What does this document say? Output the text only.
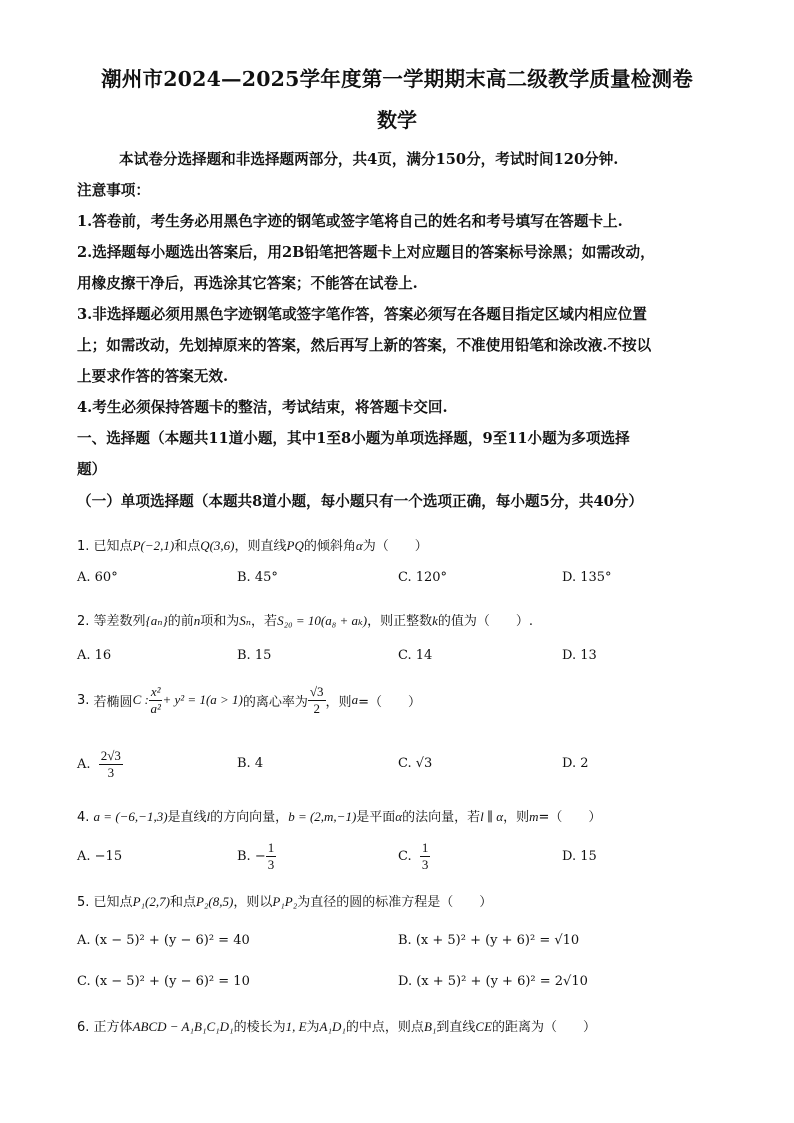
潮州市2024—2025学年度第一学期期末高二级教学质量检测卷
数学
本试卷分选择题和非选择题两部分，共4页，满分150分，考试时间120分钟.
注意事项：
1.答卷前，考生务必用黑色字迹的钢笔或签字笔将自己的姓名和考号填写在答题卡上.
2.选择题每小题选出答案后，用2B铅笔把答题卡上对应题目的答案标号涂黑；如需改动，
用橡皮擦干净后，再选涂其它答案；不能答在试卷上.
3.非选择题必须用黑色字迹钢笔或签字笔作答，答案必须写在各题目指定区域内相应位置
上；如需改动，先划掉原来的答案，然后再写上新的答案，不准使用铅笔和涂改液.不按以
上要求作答的答案无效.
4.考生必须保持答题卡的整洁，考试结束，将答题卡交回.
一、选择题（本题共11道小题，其中1至8小题为单项选择题，9至11小题为多项选择
题）
（一）单项选择题（本题共8道小题，每小题只有一个选项正确，每小题5分，共40分）
1. 已知点P(−2,1)和点Q(3,6)，则直线PQ的倾斜角α为（　　）
A. 60°	B. 45°	C. 120°	D. 135°
2. 等差数列{aₙ}的前n项和为Sₙ，若S₂₀ = 10(a₈ + aₖ)，则正整数k的值为（　　）.
A. 16	B. 15	C. 14	D. 13
3.
若椭圆 C : $\frac{\text{x²}}{\text{a²}} + y^2 = 1(a > 1)$ 的离心率为 $\frac{√3}{2}$ ，则 a =（　　）
A.
$\frac{2√3}{3}$	B. 4	C. √3	D. 2
4. a = (−6,−1,3)是直线l的方向向量，b = (2,m,−1)是平面α的法向量，若l ∥ α，则m=（　　）
A. −15	B. − $\frac{1}{3}$	C.
$\frac{1}{3}$	D. 15
5. 已知点P₁(2,7)和点P₂(8,5)，则以P₁P₂为直径的圆的标准方程是（　　）
A. (x − 5)² + (y − 6)² = 40	B. (x + 5)² + (y + 6)² = √10
C. (x − 5)² + (y − 6)² = 10	D. (x + 5)² + (y + 6)² = 2√10
6. 正方体ABCD − A₁B₁C₁D₁的棱长为1, E为A₁D₁的中点，则点B₁到直线CE的距离为（　　）
